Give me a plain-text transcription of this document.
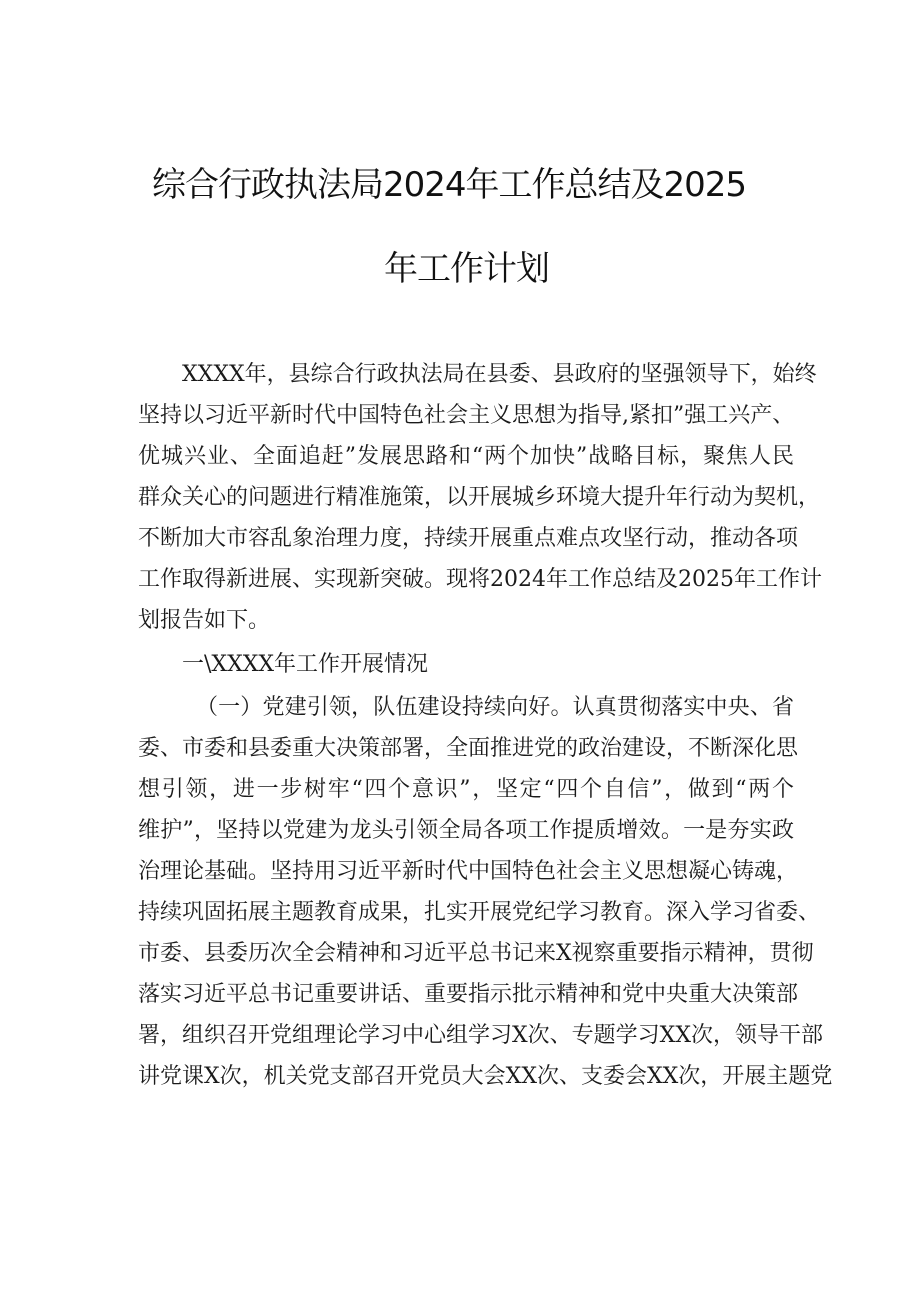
综合行政执法局2024年工作总结及2025
年工作计划
XXXX年，县综合行政执法局在县委、县政府的坚强领导下，始终
坚持以习近平新时代中国特色社会主义思想为指导,紧扣”强工兴产、
优城兴业、全面追赶”发展思路和“两个加快”战略目标，聚焦人民
群众关心的问题进行精准施策，以开展城乡环境大提升年行动为契机，
不断加大市容乱象治理力度，持续开展重点难点攻坚行动，推动各项
工作取得新进展、实现新突破。现将2024年工作总结及2025年工作计
划报告如下。
一\XXXX年工作开展情况
（一）党建引领，队伍建设持续向好。认真贯彻落实中央、省
委、市委和县委重大决策部署，全面推进党的政治建设，不断深化思
想引领，进一步树牢“四个意识”，坚定“四个自信”，做到“两个
维护”，坚持以党建为龙头引领全局各项工作提质增效。一是夯实政
治理论基础。坚持用习近平新时代中国特色社会主义思想凝心铸魂，
持续巩固拓展主题教育成果，扎实开展党纪学习教育。深入学习省委、
市委、县委历次全会精神和习近平总书记来X视察重要指示精神，贯彻
落实习近平总书记重要讲话、重要指示批示精神和党中央重大决策部
署，组织召开党组理论学习中心组学习X次、专题学习XX次，领导干部
讲党课X次，机关党支部召开党员大会XX次、支委会XX次，开展主题党
